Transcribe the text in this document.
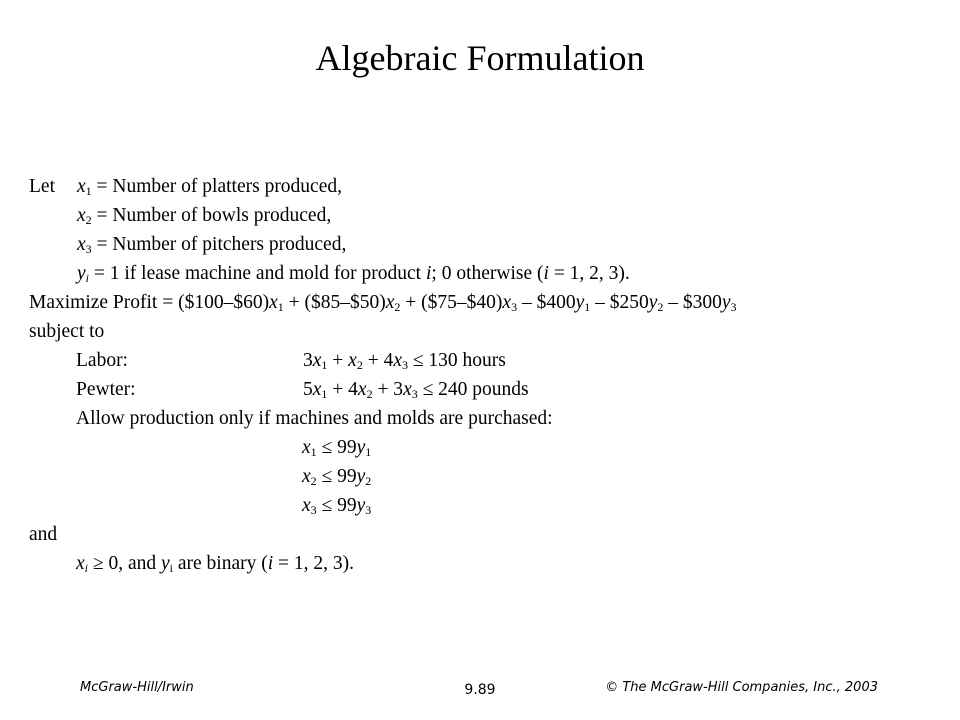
Algebraic Formulation
Let $x_1$ = Number of platters produced,
$x_2$ = Number of bowls produced,
$x_3$ = Number of pitchers produced,
$y_i = 1$ if lease machine and mold for product i; 0 otherwise (i = 1, 2, 3).
Maximize Profit = $(\$100-\$60)x_1$ + $(\$85-\$50)x_2$ + $(\$75-\$40)x_3$ – $\$400y_1$ – $\$250y_2$ – $\$300y_3$
subject to
Labor:	$3x_1 + x_2 + 4x_3 \le 130$ hours
Pewter:	$5x_1 + 4x_2 + 3x_3 \le 240$ pounds
Allow production only if machines and molds are purchased:
$x_1 \le 99y_1$
$x_2 \le 99y_2$
$x_3 \le 99y_3$
and
$x_i \ge 0$, and $y_i$ are binary (i = 1, 2, 3).
McGraw-Hill/Irwin	9.89	© The McGraw-Hill Companies, Inc., 2003
